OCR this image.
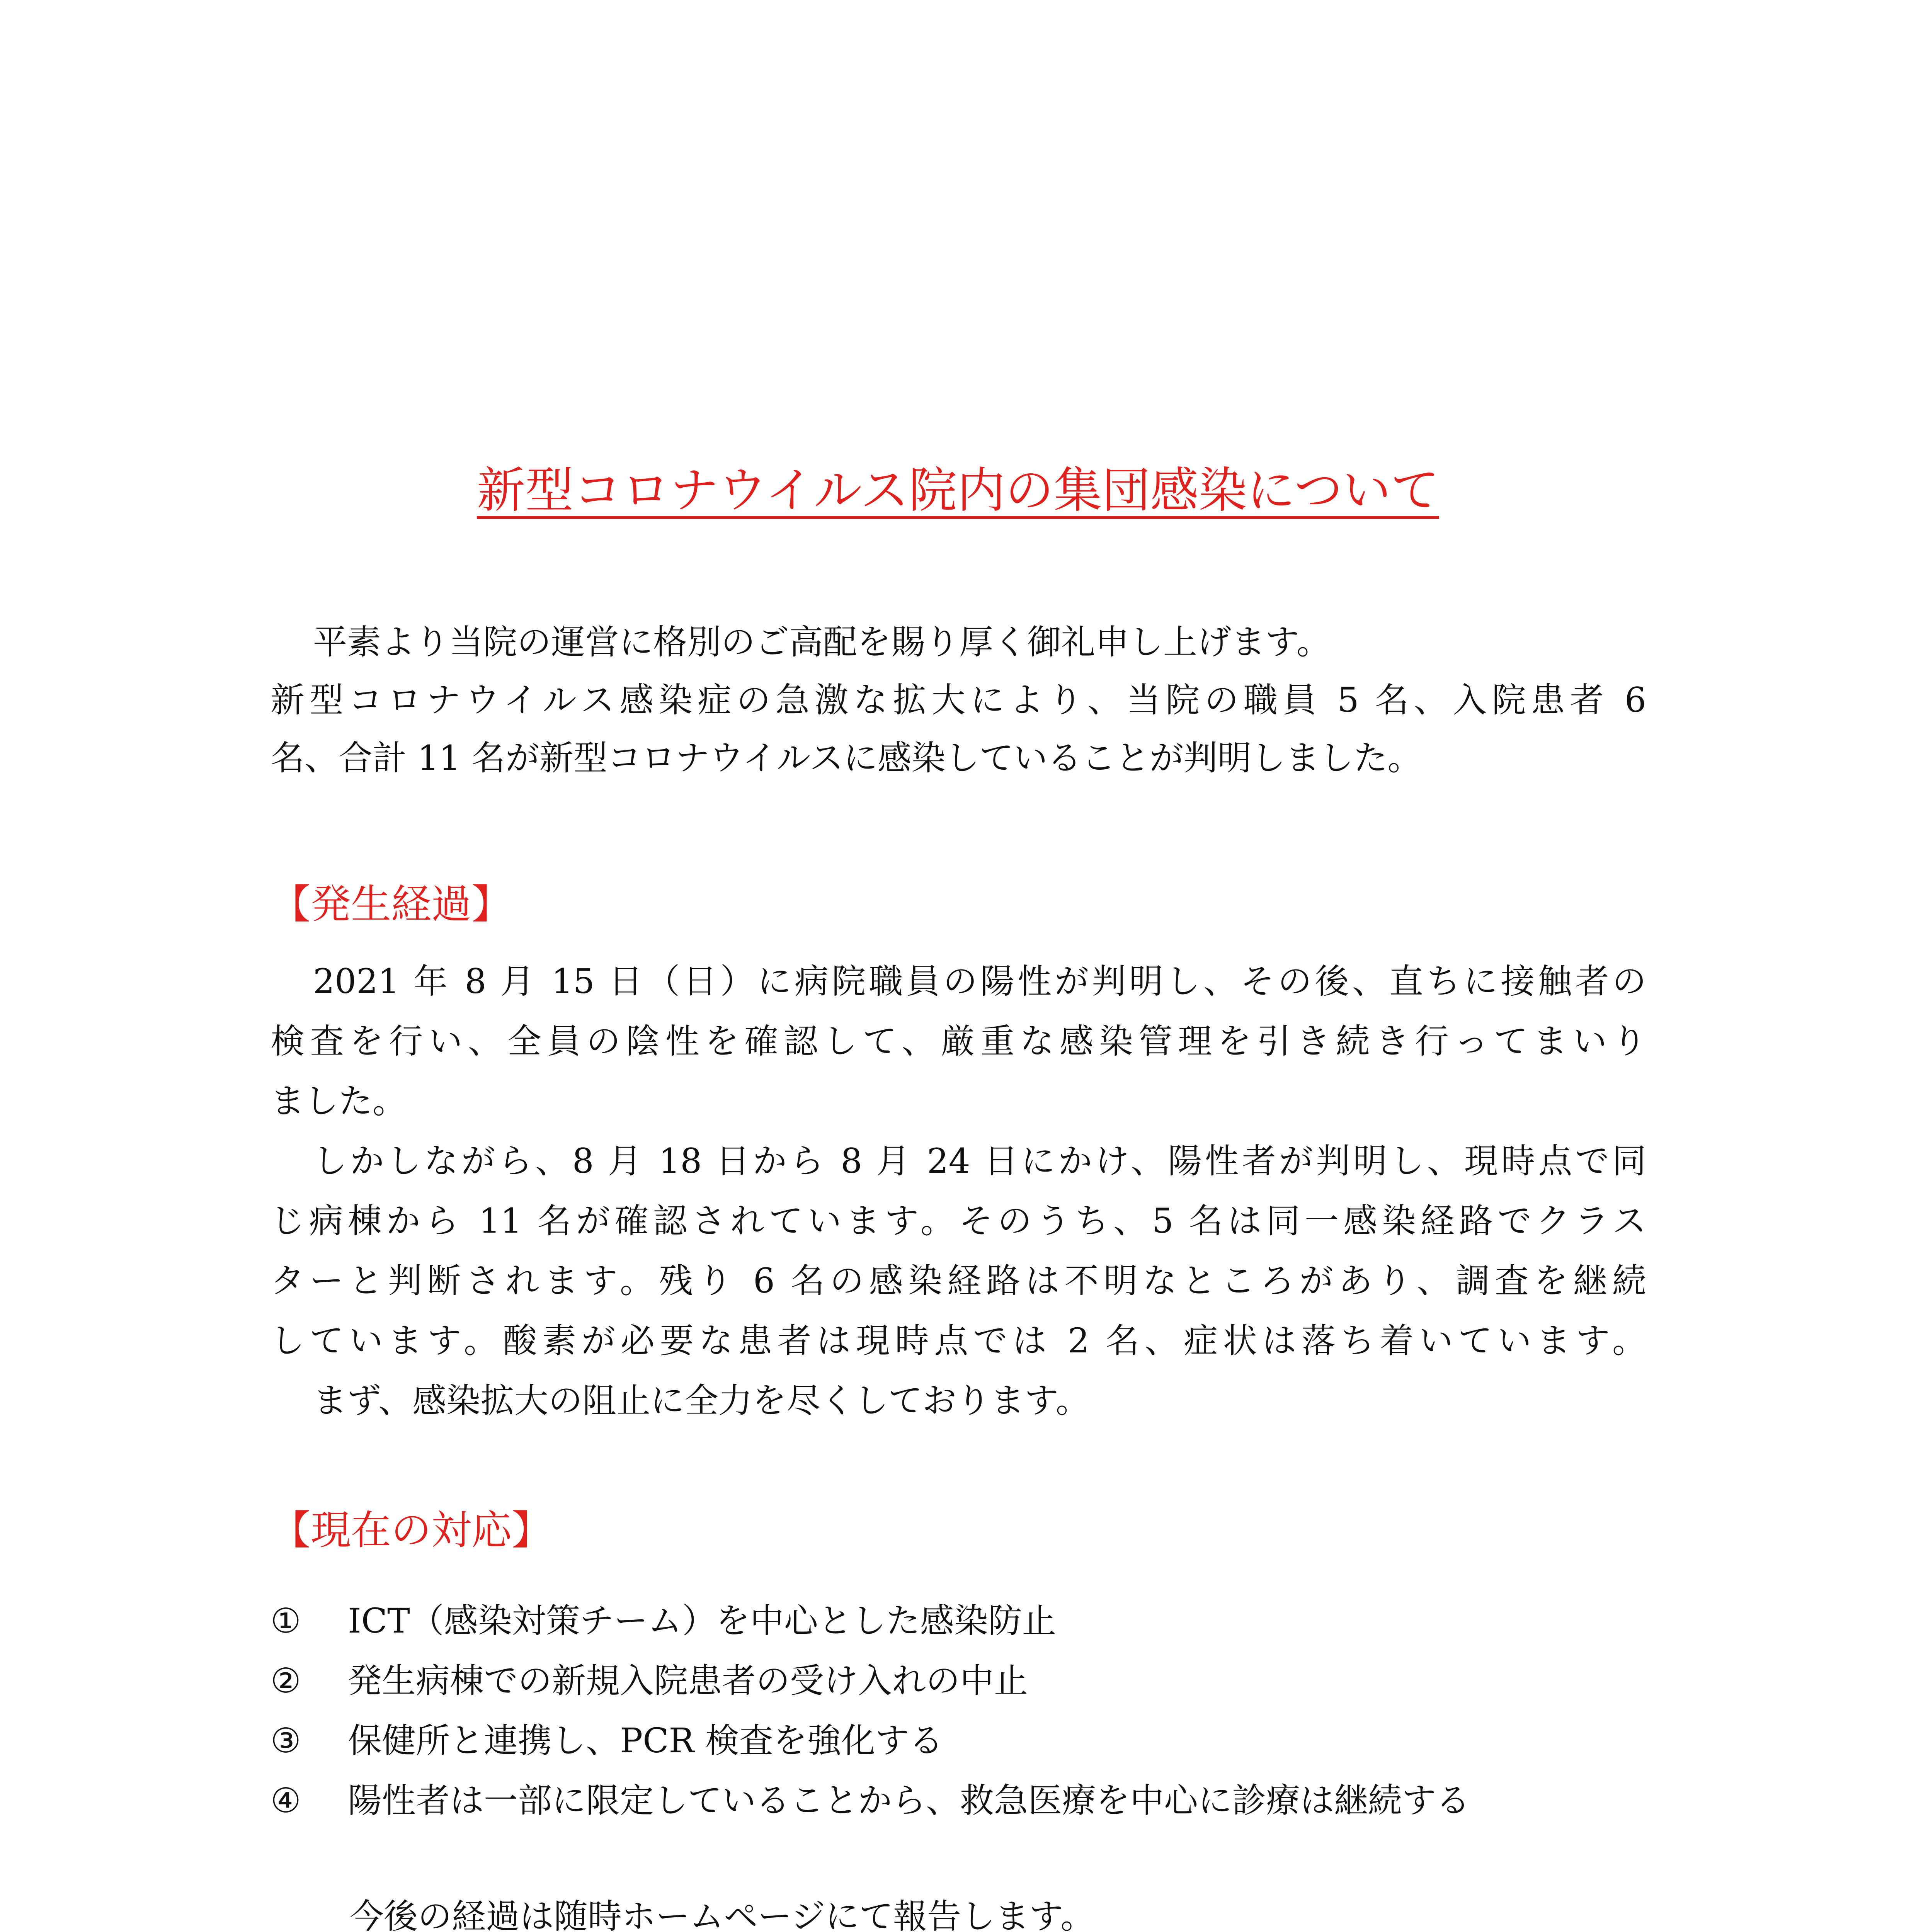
新型コロナウイルス院内の集団感染について
平素より当院の運営に格別のご高配を賜り厚く御礼申し上げます。
新型コロナウイルス感染症の急激な拡大により、当院の職員 5 名、入院患者 6
名、合計 11 名が新型コロナウイルスに感染していることが判明しました。
【発生経過】
2021 年 8 月 15 日（日）に病院職員の陽性が判明し、その後、直ちに接触者の
検査を行い、全員の陰性を確認して、厳重な感染管理を引き続き行ってまいり
ました。
しかしながら、8 月 18 日から 8 月 24 日にかけ、陽性者が判明し、現時点で同
じ病棟から 11 名が確認されています。そのうち、5 名は同一感染経路でクラス
ターと判断されます。残り 6 名の感染経路は不明なところがあり、調査を継続
しています。酸素が必要な患者は現時点では 2 名、症状は落ち着いています。
まず、感染拡大の阻止に全力を尽くしております。
【現在の対応】
① ICT（感染対策チーム）を中心とした感染防止
② 発生病棟での新規入院患者の受け入れの中止
③ 保健所と連携し、PCR 検査を強化する
④ 陽性者は一部に限定していることから、救急医療を中心に診療は継続する
今後の経過は随時ホームページにて報告します。
